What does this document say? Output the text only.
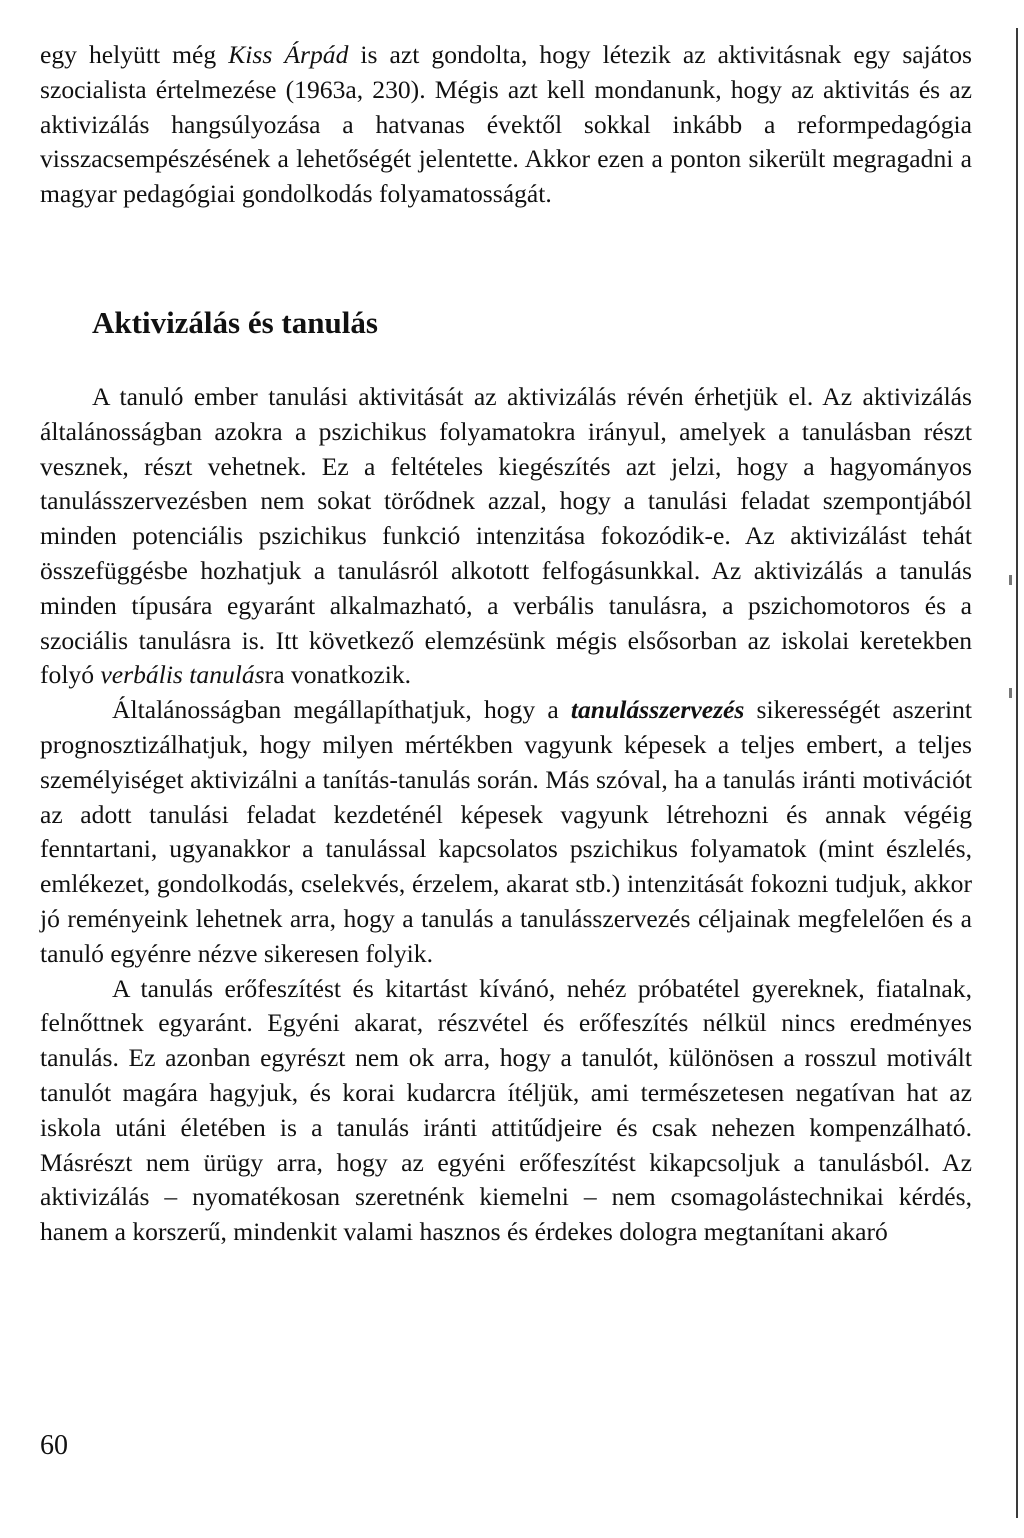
egy helyütt még Kiss Árpád is azt gondolta, hogy létezik az aktivitásnak egy sajátos szocialista értelmezése (1963a, 230). Mégis azt kell mondanunk, hogy az aktivitás és az aktivizálás hangsúlyozása a hatvanas évektől sokkal inkább a reformpedagógia visszacsempészésének a lehetőségét jelentette. Akkor ezen a ponton sikerült megragadni a magyar pedagógiai gondolkodás folyamatosságát.

Aktivizálás és tanulás

A tanuló ember tanulási aktivitását az aktivizálás révén érhetjük el. Az aktivizálás általánosságban azokra a pszichikus folyamatokra irányul, amelyek a tanulásban részt vesznek, részt vehetnek. Ez a feltételes kiegészítés azt jelzi, hogy a hagyományos tanulásszervezésben nem sokat törődnek azzal, hogy a tanulási feladat szempontjából minden potenciális pszichikus funkció intenzitása fokozódik-e. Az aktivizálást tehát összefüggésbe hozhatjuk a tanulásról alkotott felfogásunkkal. Az aktivizálás a tanulás minden típusára egyaránt alkalmazható, a verbális tanulásra, a pszichomotoros és a szociális tanulásra is. Itt következő elemzésünk mégis elsősorban az iskolai keretekben folyó verbális tanulásra vonatkozik.

Általánosságban megállapíthatjuk, hogy a tanulásszervezés sikerességét aszerint prognosztizálhatjuk, hogy milyen mértékben vagyunk képesek a teljes embert, a teljes személyiséget aktivizálni a tanítás-tanulás során. Más szóval, ha a tanulás iránti motivációt az adott tanulási feladat kezdeténél képesek vagyunk létrehozni és annak végéig fenntartani, ugyanakkor a tanulással kapcsolatos pszichikus folyamatok (mint észlelés, emlékezet, gondolkodás, cselekvés, érzelem, akarat stb.) intenzitását fokozni tudjuk, akkor jó reményeink lehetnek arra, hogy a tanulás a tanulásszervezés céljainak megfelelően és a tanuló egyénre nézve sikeresen folyik.

A tanulás erőfeszítést és kitartást kívánó, nehéz próbatétel gyereknek, fiatalnak, felnőttnek egyaránt. Egyéni akarat, részvétel és erőfeszítés nélkül nincs eredményes tanulás. Ez azonban egyrészt nem ok arra, hogy a tanulót, különösen a rosszul motivált tanulót magára hagyjuk, és korai kudarcra ítéljük, ami természetesen negatívan hat az iskola utáni életében is a tanulás iránti attitűdjeire és csak nehezen kompenzálható. Másrészt nem ürügy arra, hogy az egyéni erőfeszítést kikapcsoljuk a tanulásból. Az aktivizálás – nyomatékosan szeretnénk kiemelni – nem csomagolástechnikai kérdés, hanem a korszerű, mindenkit valami hasznos és érdekes dologra megtanítani akaró

60
